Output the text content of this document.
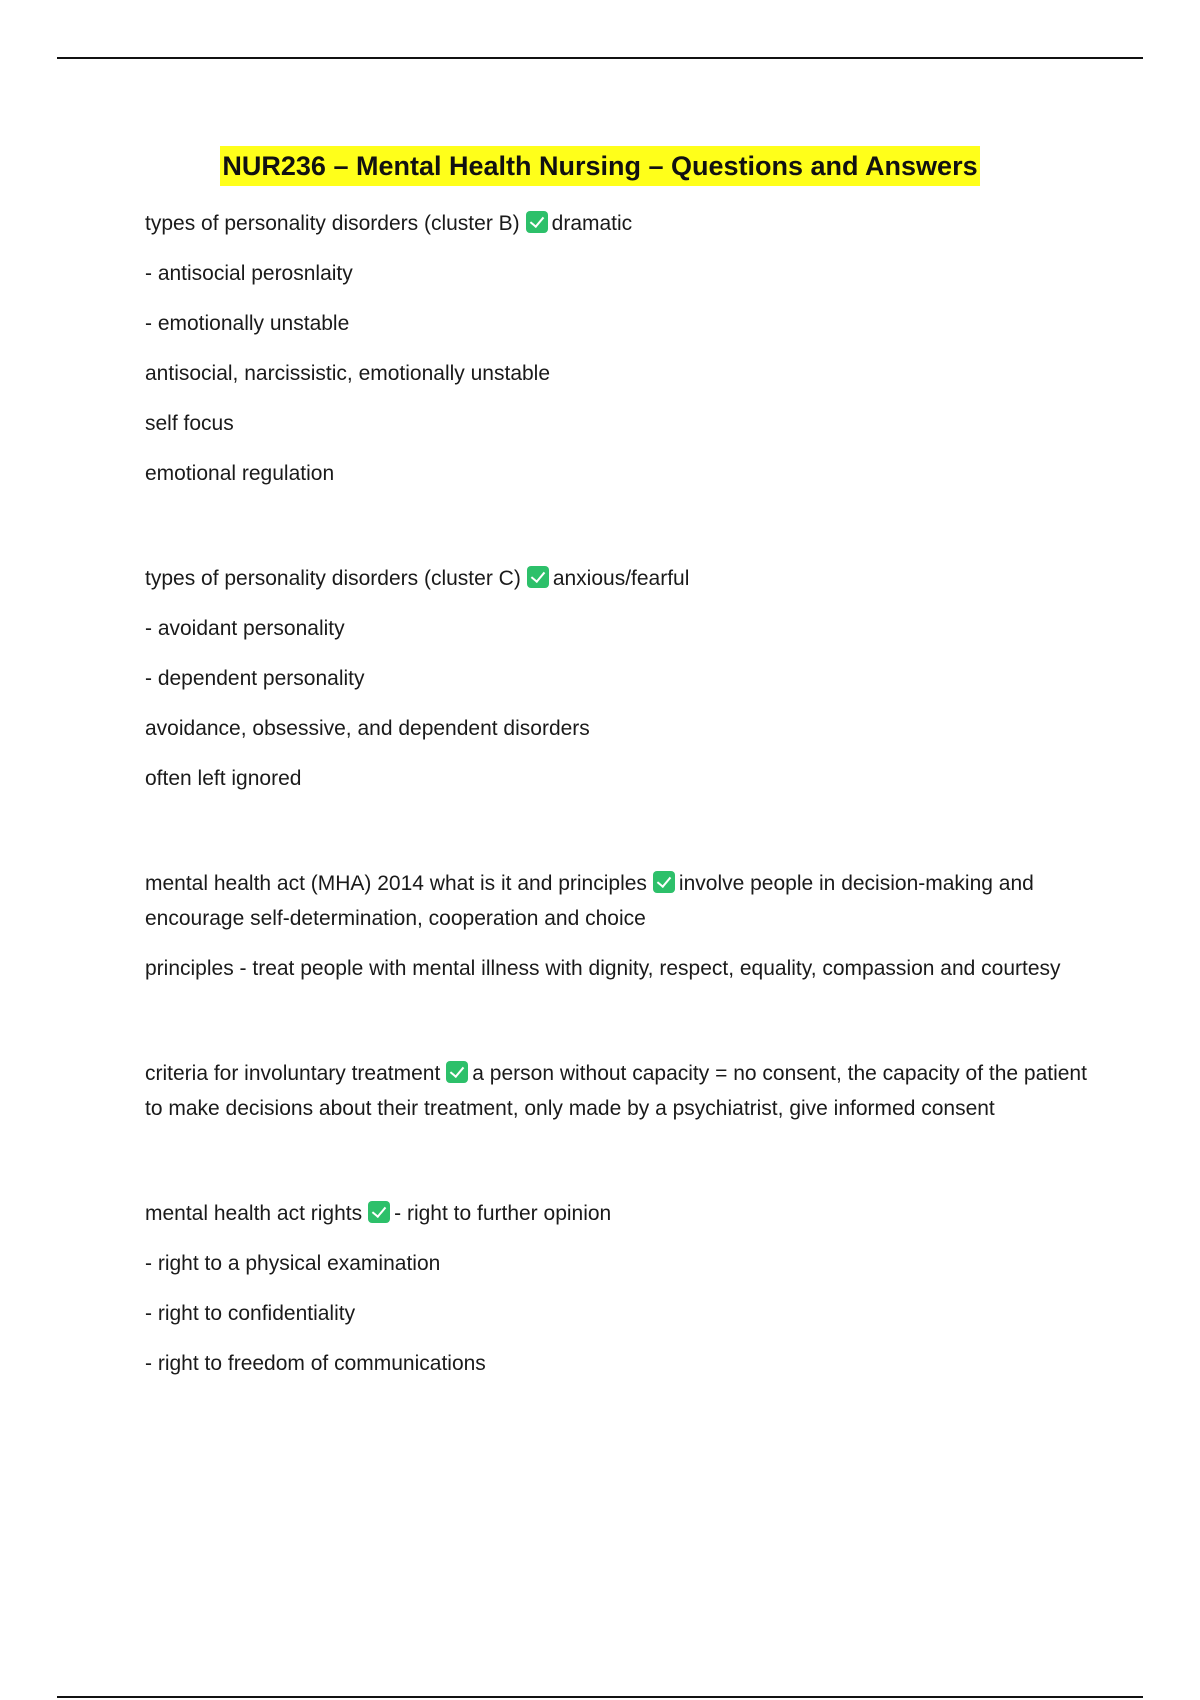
NUR236 – Mental Health Nursing – Questions and Answers
types of personality disorders (cluster B) dramatic
- antisocial perosnlaity
- emotionally unstable
antisocial, narcissistic, emotionally unstable
self focus
emotional regulation
types of personality disorders (cluster C) anxious/fearful
- avoidant personality
- dependent personality
avoidance, obsessive, and dependent disorders
often left ignored
mental health act (MHA) 2014 what is it and principles involve people in decision-making and encourage self-determination, cooperation and choice
principles - treat people with mental illness with dignity, respect, equality, compassion and courtesy
criteria for involuntary treatment a person without capacity = no consent, the capacity of the patient to make decisions about their treatment, only made by a psychiatrist, give informed consent
mental health act rights - right to further opinion
- right to a physical examination
- right to confidentiality
- right to freedom of communications
